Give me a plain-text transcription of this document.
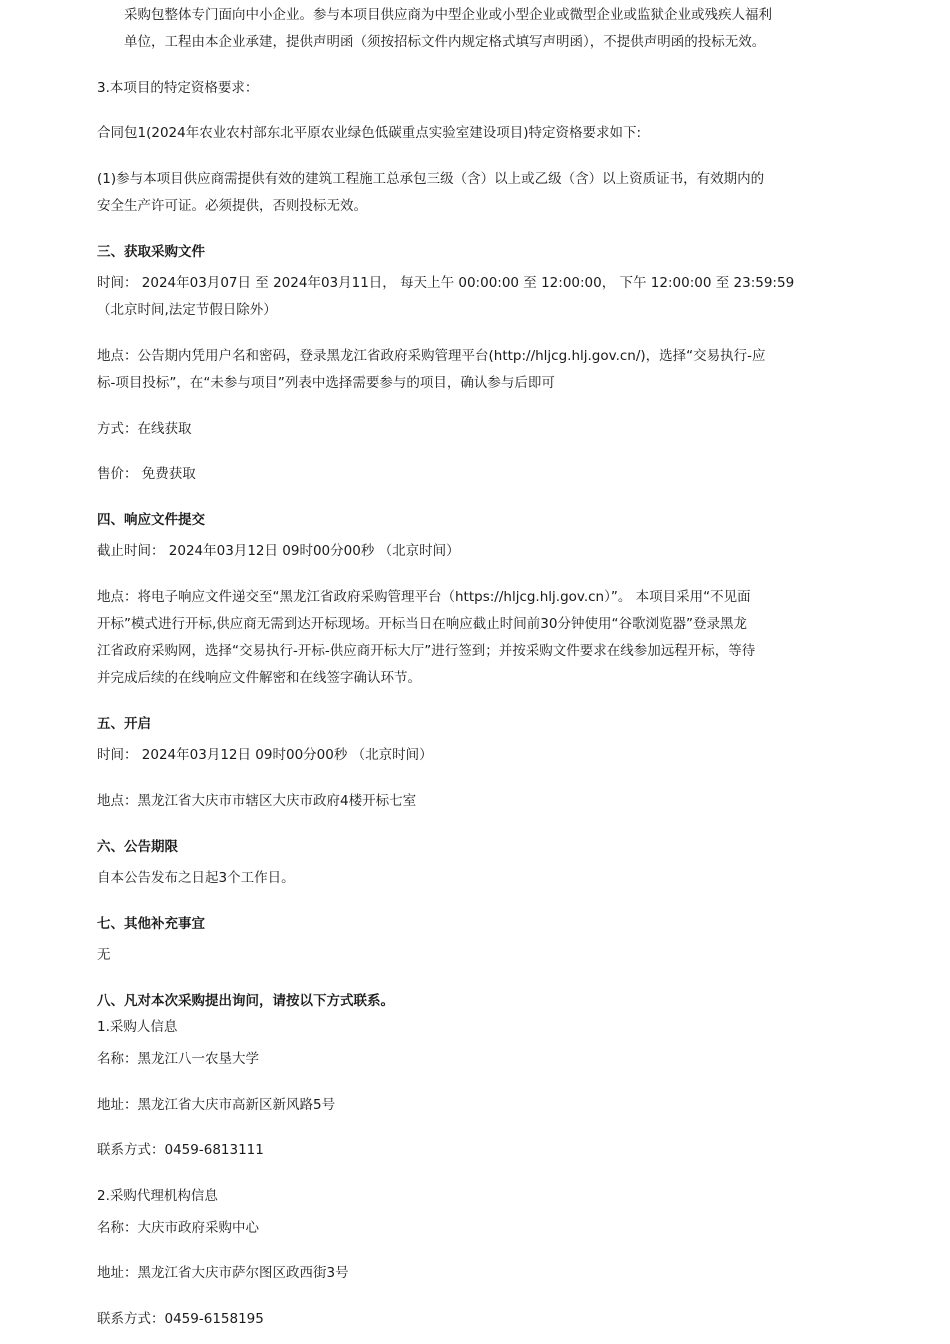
采购包整体专门面向中小企业。参与本项目供应商为中型企业或小型企业或微型企业或监狱企业或残疾人福利
单位，工程由本企业承建，提供声明函（须按招标文件内规定格式填写声明函），不提供声明函的投标无效。
3.本项目的特定资格要求：
合同包1(2024年农业农村部东北平原农业绿色低碳重点实验室建设项目)特定资格要求如下:
(1)参与本项目供应商需提供有效的建筑工程施工总承包三级（含）以上或乙级（含）以上资质证书，有效期内的
安全生产许可证。必须提供，否则投标无效。
三、获取采购文件
时间： 2024年03月07日 至 2024年03月11日， 每天上午 00:00:00 至 12:00:00， 下午 12:00:00 至 23:59:59
（北京时间,法定节假日除外）
地点：公告期内凭用户名和密码，登录黑龙江省政府采购管理平台(http://hljcg.hlj.gov.cn/)，选择“交易执行-应
标-项目投标”，在“未参与项目”列表中选择需要参与的项目，确认参与后即可
方式：在线获取
售价： 免费获取
四、响应文件提交
截止时间： 2024年03月12日 09时00分00秒 （北京时间）
地点：将电子响应文件递交至“黑龙江省政府采购管理平台（https://hljcg.hlj.gov.cn）”。 本项目采用“不见面
开标”模式进行开标,供应商无需到达开标现场。开标当日在响应截止时间前30分钟使用“谷歌浏览器”登录黑龙
江省政府采购网，选择“交易执行-开标-供应商开标大厅”进行签到；并按采购文件要求在线参加远程开标，等待
并完成后续的在线响应文件解密和在线签字确认环节。
五、开启
时间： 2024年03月12日 09时00分00秒 （北京时间）
地点：黑龙江省大庆市市辖区大庆市政府4楼开标七室
六、公告期限
自本公告发布之日起3个工作日。
七、其他补充事宜
无
八、凡对本次采购提出询问，请按以下方式联系。
1.采购人信息
名称：黑龙江八一农垦大学
地址：黑龙江省大庆市高新区新风路5号
联系方式：0459-6813111
2.采购代理机构信息
名称：大庆市政府采购中心
地址：黑龙江省大庆市萨尔图区政西街3号
联系方式：0459-6158195
